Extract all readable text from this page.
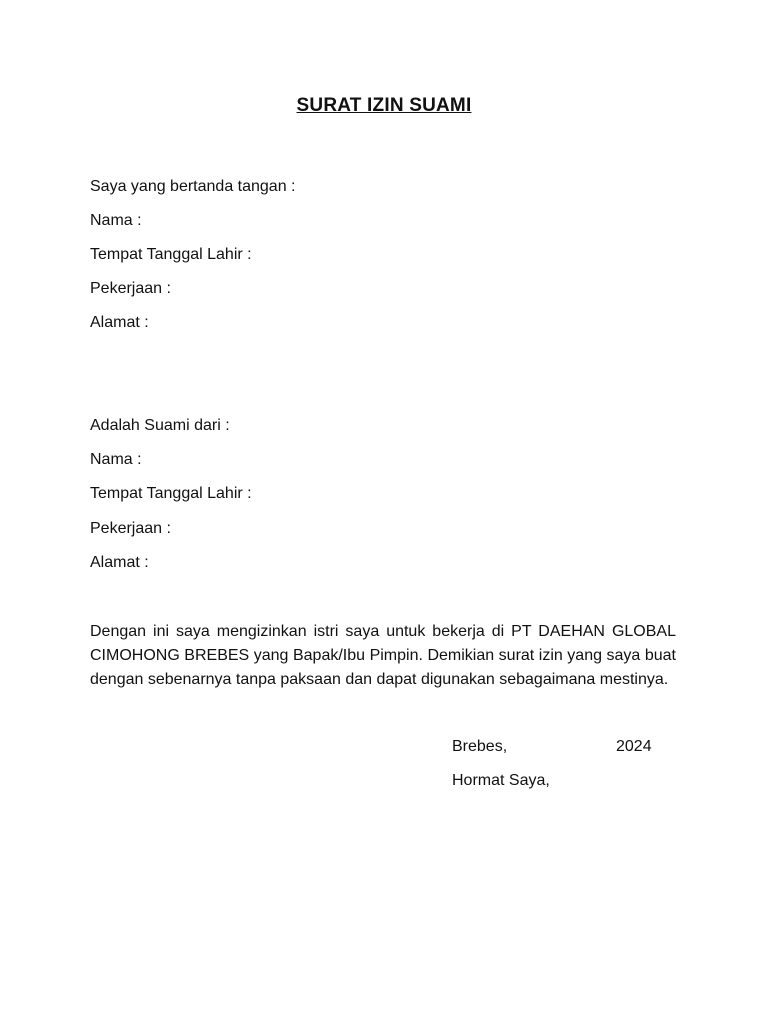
SURAT IZIN SUAMI
Saya yang bertanda tangan :
Nama :
Tempat Tanggal Lahir :
Pekerjaan :
Alamat :
Adalah Suami dari :
Nama :
Tempat Tanggal Lahir :
Pekerjaan :
Alamat :
Dengan ini saya mengizinkan istri saya untuk bekerja di PT DAEHAN GLOBAL CIMOHONG BREBES yang Bapak/Ibu Pimpin. Demikian surat izin yang saya buat dengan sebenarnya tanpa paksaan dan dapat digunakan sebagaimana mestinya.
Brebes,	2024
Hormat Saya,
